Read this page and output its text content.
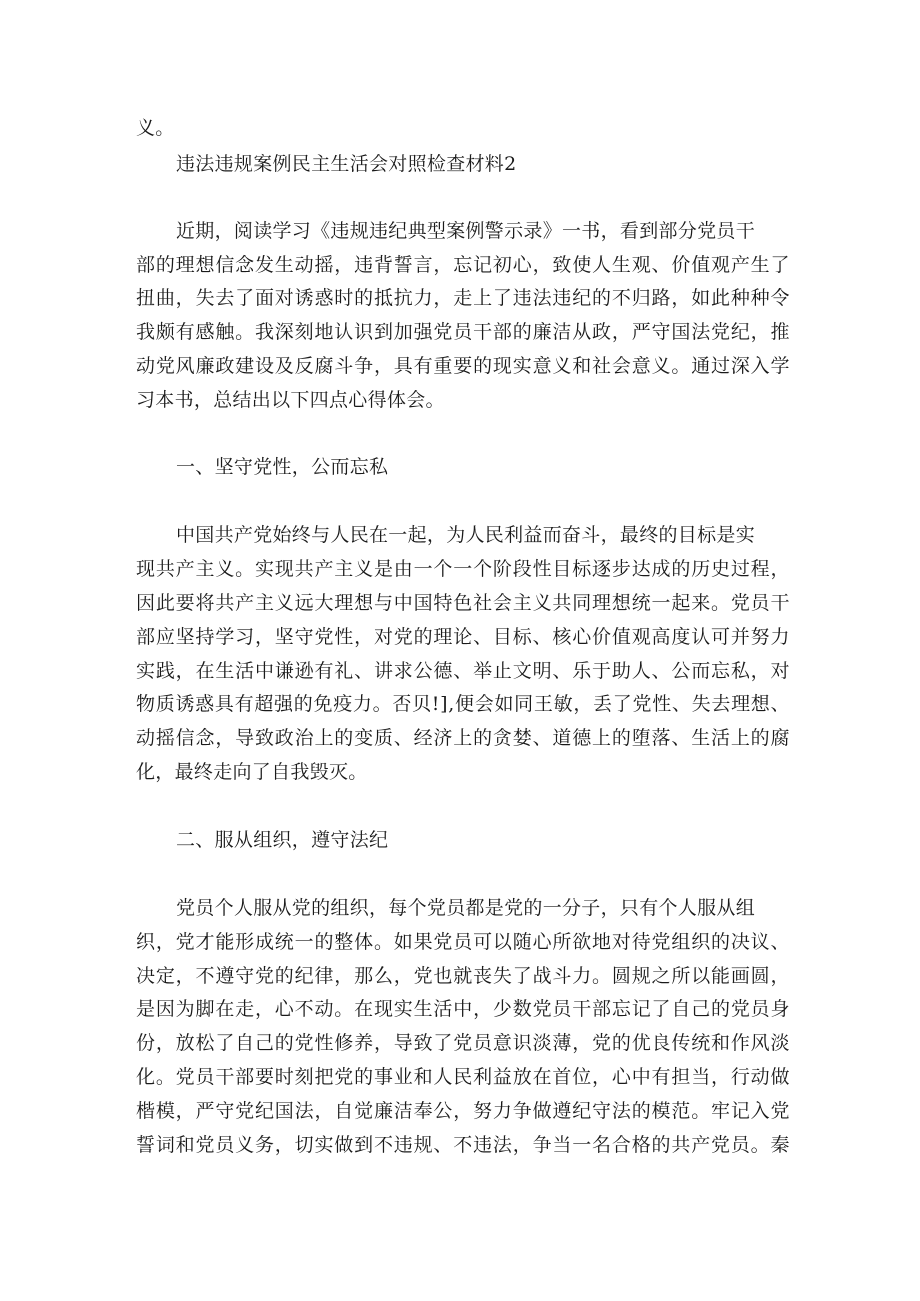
义。
违法违规案例民主生活会对照检查材料2
近期，阅读学习《违规违纪典型案例警示录》一书，看到部分党员干
部 的 理 想 信 念 发 生 动 摇 ， 违 背 誓 言 ， 忘 记 初 心 ， 致 使 人 生 观 、 价 值 观 产 生 了
扭 曲 ， 失 去 了 面 对 诱 惑 时 的 抵 抗 力 ， 走 上 了 违 法 违 纪 的 不 归 路 ， 如 此 种 种 令
我 颇 有 感 触 。 我 深 刻 地 认 识 到 加 强 党 员 干 部 的 廉 洁 从 政 ， 严 守 国 法 党 纪 ， 推
动 党 风 廉 政 建 设 及 反 腐 斗 争 ， 具 有 重 要 的 现 实 意 义 和 社 会 意 义 。 通 过 深 入 学
习本书，总结出以下四点心得体会。
一、坚守党性，公而忘私
中国共产党始终与人民在一起，为人民利益而奋斗，最终的目标是实
现 共 产 主 义 。 实 现 共 产 主 义 是 由 一 个 一 个 阶 段 性 目 标 逐 步 达 成 的 历 史 过 程 ，
因 此 要 将 共 产 主 义 远 大 理 想 与 中 国 特 色 社 会 主 义 共 同 理 想 统 一 起 来 。 党 员 干
部 应 坚 持 学 习 ， 坚 守 党 性 ， 对 党 的 理 论 、 目 标 、 核 心 价 值 观 高 度 认 可 并 努 力
实 践 ， 在 生 活 中 谦 逊 有 礼 、 讲 求 公 德 、 举 止 文 明 、 乐 于 助 人 、 公 而 忘 私 ， 对
物 质 诱 惑 具 有 超 强 的 免 疫 力 。 否 贝 ! ] , 便 会 如 同 王 敏 ， 丢 了 党 性 、 失 去 理 想 、
动 摇 信 念 ， 导 致 政 治 上 的 变 质 、 经 济 上 的 贪 婪 、 道 德 上 的 堕 落 、 生 活 上 的 腐
化，最终走向了自我毁灭。
二、服从组织，遵守法纪
党员个人服从党的组织，每个党员都是党的一分子，只有个人服从组
织 ， 党 才 能 形 成 统 一 的 整 体 。 如 果 党 员 可 以 随 心 所 欲 地 对 待 党 组 织 的 决 议 、
决 定 ， 不 遵 守 党 的 纪 律 ， 那 么 ， 党 也 就 丧 失 了 战 斗 力 。 圆 规 之 所 以 能 画 圆 ，
是 因 为 脚 在 走 ， 心 不 动 。 在 现 实 生 活 中 ， 少 数 党 员 干 部 忘 记 了 自 己 的 党 员 身
份 ， 放 松 了 自 己 的 党 性 修 养 ， 导 致 了 党 员 意 识 淡 薄 ， 党 的 优 良 传 统 和 作 风 淡
化 。 党 员 干 部 要 时 刻 把 党 的 事 业 和 人 民 利 益 放 在 首 位 ， 心 中 有 担 当 ， 行 动 做
楷 模 ， 严 守 党 纪 国 法 ， 自 觉 廉 洁 奉 公 ， 努 力 争 做 遵 纪 守 法 的 模 范 。 牢 记 入 党
誓 词 和 党 员 义 务 ， 切 实 做 到 不 违 规 、 不 违 法 ， 争 当 一 名 合 格 的 共 产 党 员 。 秦
